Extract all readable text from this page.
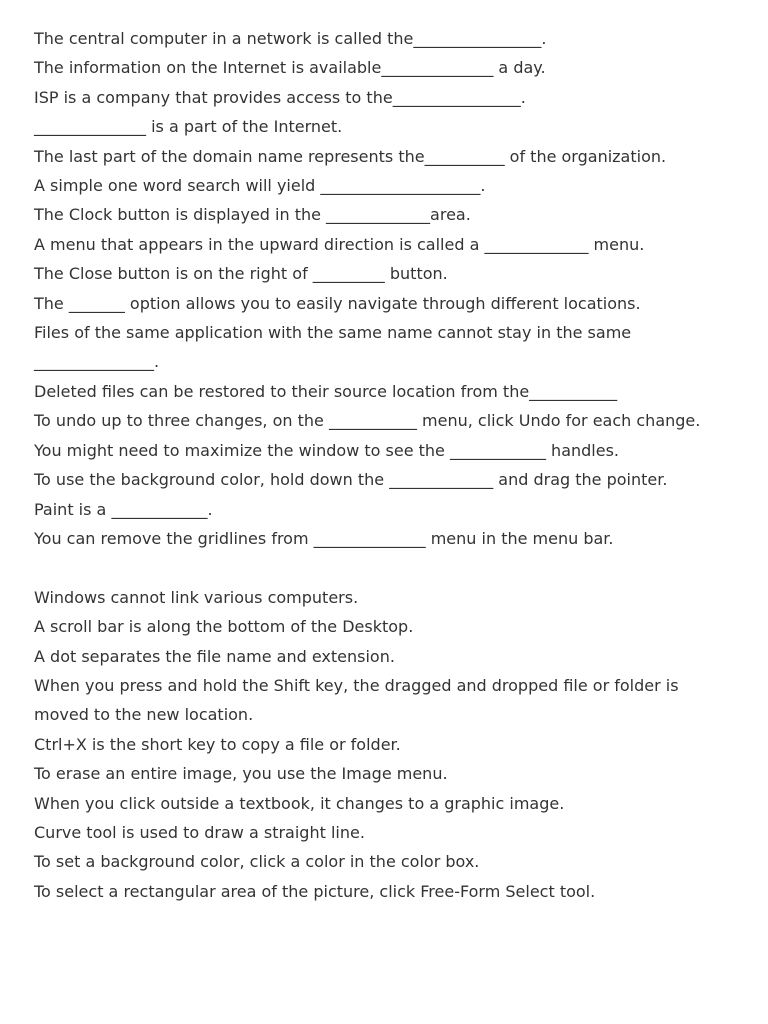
The central computer in a network is called the________________.

The information on the Internet is available______________ a day.

ISP is a company that provides access to the________________.

______________ is a part of the Internet.

The last part of the domain name represents the__________ of the organization.

A simple one word search will yield ____________________.

The Clock button is displayed in the _____________area.

A menu that appears in the upward direction is called a _____________ menu.

The Close button is on the right of _________ button.

The _______ option allows you to easily navigate through different locations.

Files of the same application with the same name cannot stay in the same

_______________.

Deleted files can be restored to their source location from the___________

To undo up to three changes, on the ___________ menu, click Undo for each change.

You might need to maximize the window to see the ____________ handles.

To use the background color, hold down the _____________ and drag the pointer.

Paint is a ____________.

You can remove the gridlines from ______________ menu in the menu bar.

Windows cannot link various computers.

A scroll bar is along the bottom of the Desktop.

A dot separates the file name and extension.

When you press and hold the Shift key, the dragged and dropped file or folder is

moved to the new location.

Ctrl+X is the short key to copy a file or folder.

To erase an entire image, you use the Image menu.

When you click outside a textbook, it changes to a graphic image.

Curve tool is used to draw a straight line.

To set a background color, click a color in the color box.

To select a rectangular area of the picture, click Free-Form Select tool.
